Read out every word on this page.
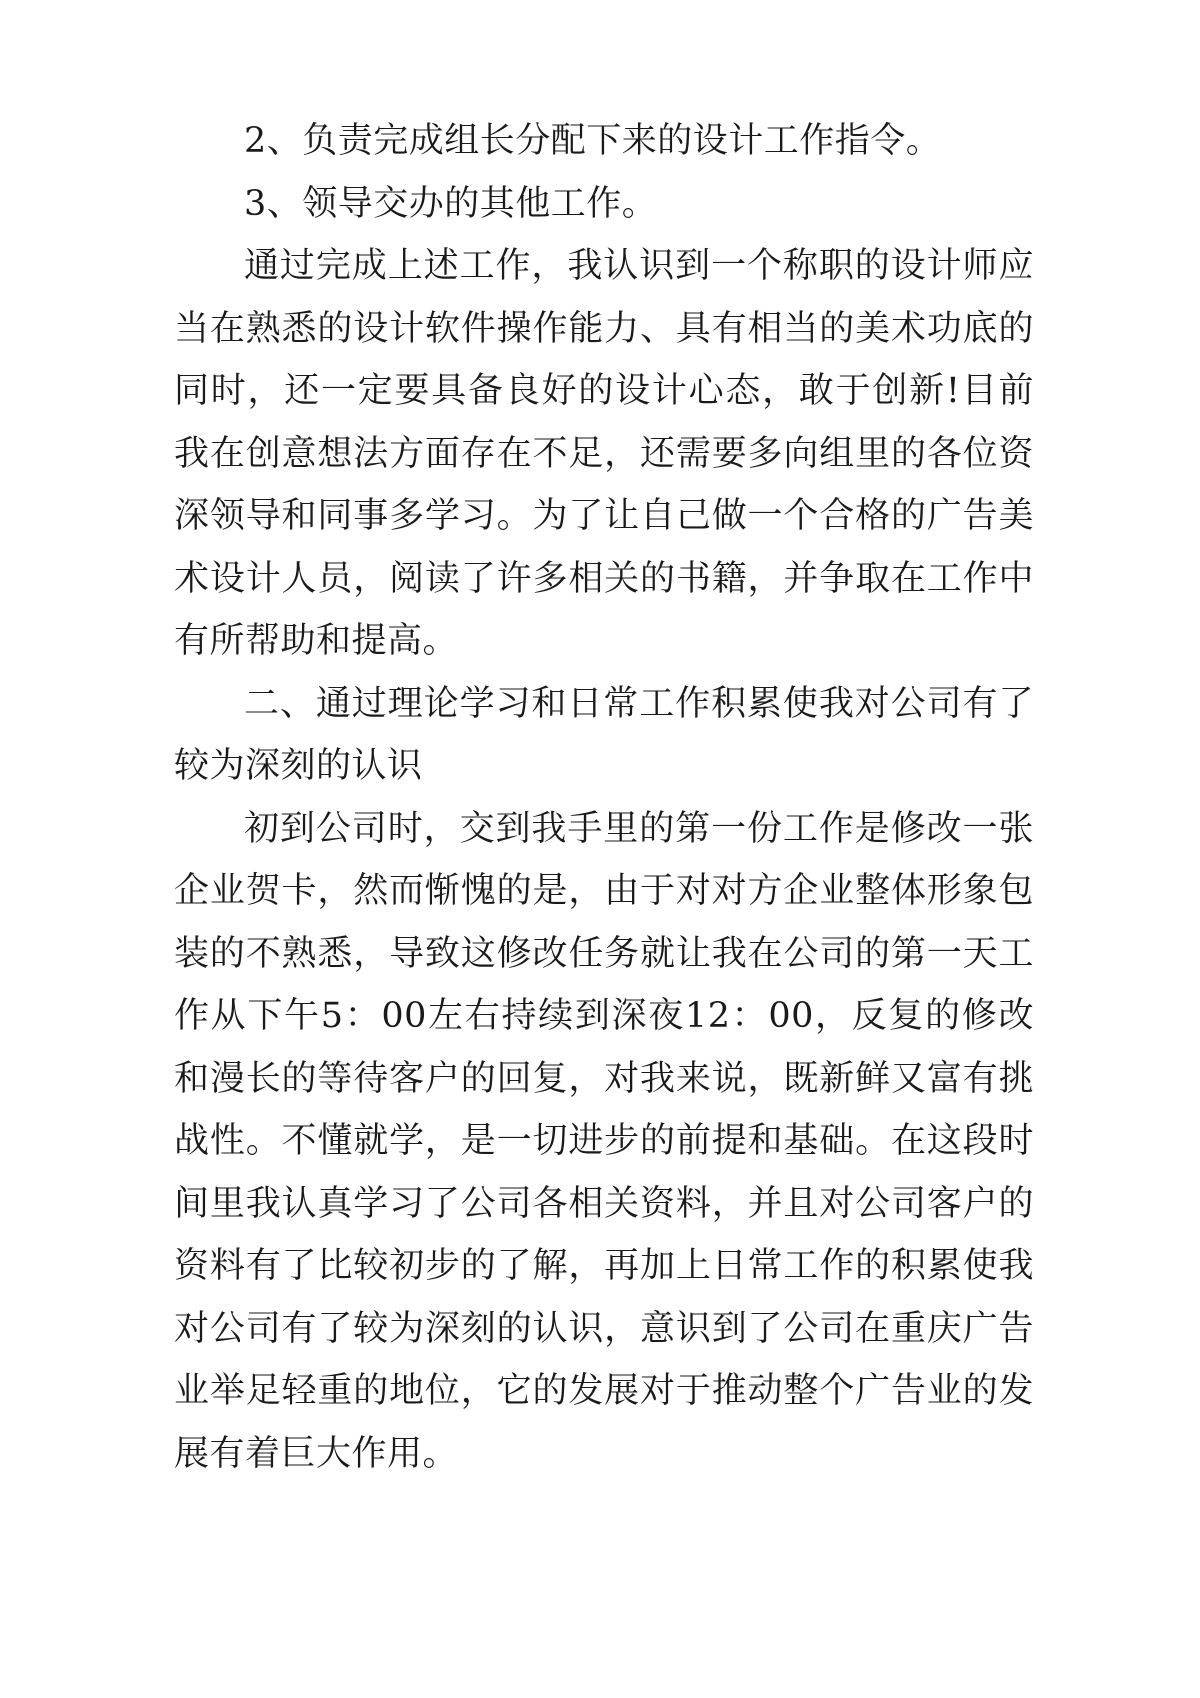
2、负责完成组长分配下来的设计工作指令。

3、领导交办的其他工作。

通过完成上述工作，我认识到一个称职的设计师应当在熟悉的设计软件操作能力、具有相当的美术功底的同时，还一定要具备良好的设计心态，敢于创新!目前我在创意想法方面存在不足，还需要多向组里的各位资深领导和同事多学习。为了让自己做一个合格的广告美术设计人员，阅读了许多相关的书籍，并争取在工作中有所帮助和提高。

二、通过理论学习和日常工作积累使我对公司有了较为深刻的认识

初到公司时，交到我手里的第一份工作是修改一张企业贺卡，然而惭愧的是，由于对对方企业整体形象包装的不熟悉，导致这修改任务就让我在公司的第一天工作从下午5：00左右持续到深夜12：00，反复的修改和漫长的等待客户的回复，对我来说，既新鲜又富有挑战性。不懂就学，是一切进步的前提和基础。在这段时间里我认真学习了公司各相关资料，并且对公司客户的资料有了比较初步的了解，再加上日常工作的积累使我对公司有了较为深刻的认识，意识到了公司在重庆广告业举足轻重的地位，它的发展对于推动整个广告业的发展有着巨大作用。
